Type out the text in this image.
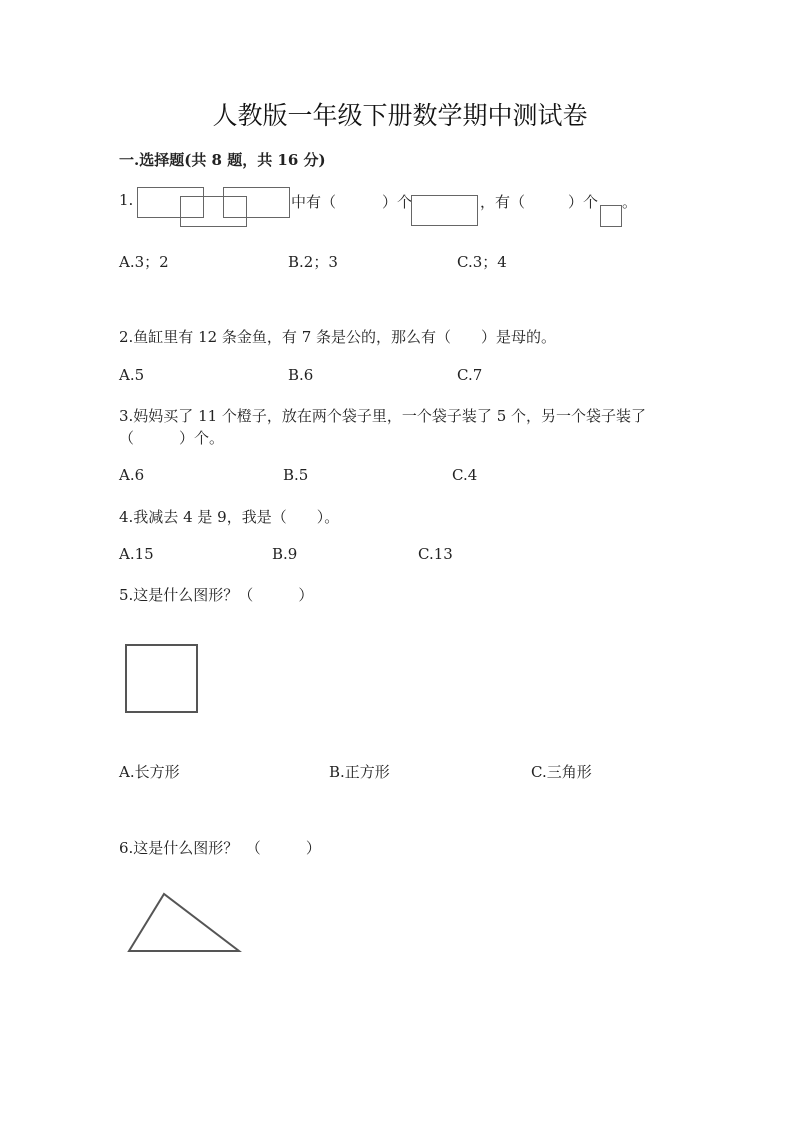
人教版一年级下册数学期中测试卷
一.选择题(共 8 题，共 16 分)
1.	中有（	）个	，有（	）个 。
A.3；2	B.2；3	C.3；4
2.鱼缸里有 12 条金鱼，有 7 条是公的，那么有（　　）是母的。
A.5	B.6	C.7
3.妈妈买了 11 个橙子，放在两个袋子里，一个袋子装了 5 个，另一个袋子装了
（　　　）个。
A.6	B.5	C.4
4.我减去 4 是 9，我是（　　）。
A.15	B.9	C.13
5.这是什么图形？（　　　）
A.长方形	B.正方形	C.三角形
6.这是什么图形？　（　　　）
